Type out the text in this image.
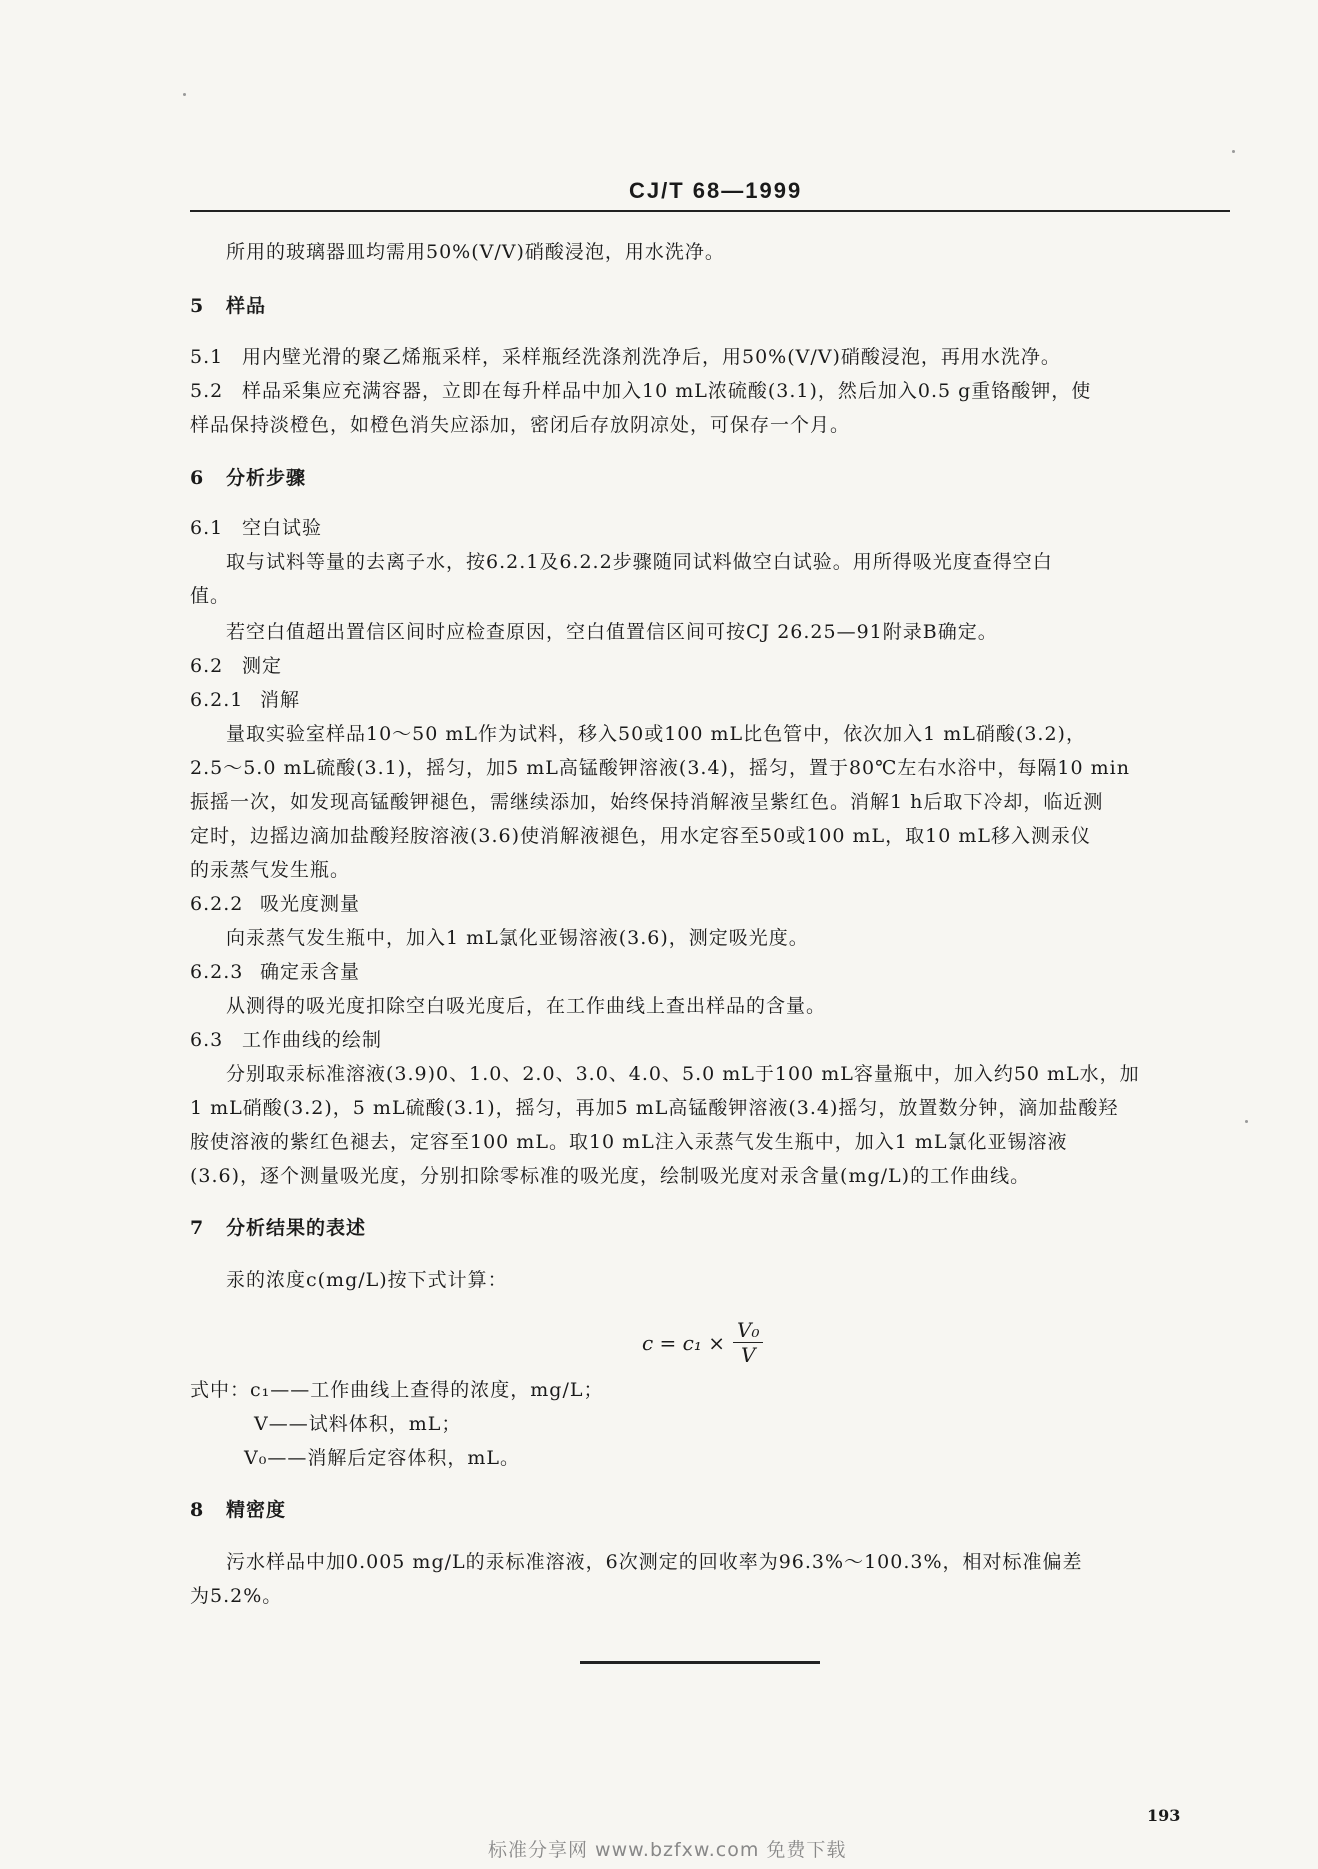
CJ/T 68—1999
所用的玻璃器皿均需用50%(V/V)硝酸浸泡，用水洗净。
5 样品
5.1 用内壁光滑的聚乙烯瓶采样，采样瓶经洗涤剂洗净后，用50%(V/V)硝酸浸泡，再用水洗净。
5.2 样品采集应充满容器，立即在每升样品中加入10 mL浓硫酸(3.1)，然后加入0.5 g重铬酸钾，使
样品保持淡橙色，如橙色消失应添加，密闭后存放阴凉处，可保存一个月。
6 分析步骤
6.1 空白试验
取与试料等量的去离子水，按6.2.1及6.2.2步骤随同试料做空白试验。用所得吸光度查得空白
值。
若空白值超出置信区间时应检查原因，空白值置信区间可按CJ 26.25—91附录B确定。
6.2 测定
6.2.1 消解
量取实验室样品10～50 mL作为试料，移入50或100 mL比色管中，依次加入1 mL硝酸(3.2)，
2.5～5.0 mL硫酸(3.1)，摇匀，加5 mL高锰酸钾溶液(3.4)，摇匀，置于80℃左右水浴中，每隔10 min
振摇一次，如发现高锰酸钾褪色，需继续添加，始终保持消解液呈紫红色。消解1 h后取下冷却，临近测
定时，边摇边滴加盐酸羟胺溶液(3.6)使消解液褪色，用水定容至50或100 mL，取10 mL移入测汞仪
的汞蒸气发生瓶。
6.2.2 吸光度测量
向汞蒸气发生瓶中，加入1 mL氯化亚锡溶液(3.6)，测定吸光度。
6.2.3 确定汞含量
从测得的吸光度扣除空白吸光度后，在工作曲线上查出样品的含量。
6.3 工作曲线的绘制
分别取汞标准溶液(3.9)0、1.0、2.0、3.0、4.0、5.0 mL于100 mL容量瓶中，加入约50 mL水，加
1 mL硝酸(3.2)，5 mL硫酸(3.1)，摇匀，再加5 mL高锰酸钾溶液(3.4)摇匀，放置数分钟，滴加盐酸羟
胺使溶液的紫红色褪去，定容至100 mL。取10 mL注入汞蒸气发生瓶中，加入1 mL氯化亚锡溶液
(3.6)，逐个测量吸光度，分别扣除零标准的吸光度，绘制吸光度对汞含量(mg/L)的工作曲线。
7 分析结果的表述
汞的浓度c(mg/L)按下式计算：
$c = c_1 \times \frac{\text{V₀}}{V}$
式中：c₁——工作曲线上查得的浓度，mg/L；
V——试料体积，mL；
V₀——消解后定容体积，mL。
8 精密度
污水样品中加0.005 mg/L的汞标准溶液，6次测定的回收率为96.3%～100.3%，相对标准偏差
为5.2%。
193
标准分享网 www.bzfxw.com 免费下载
